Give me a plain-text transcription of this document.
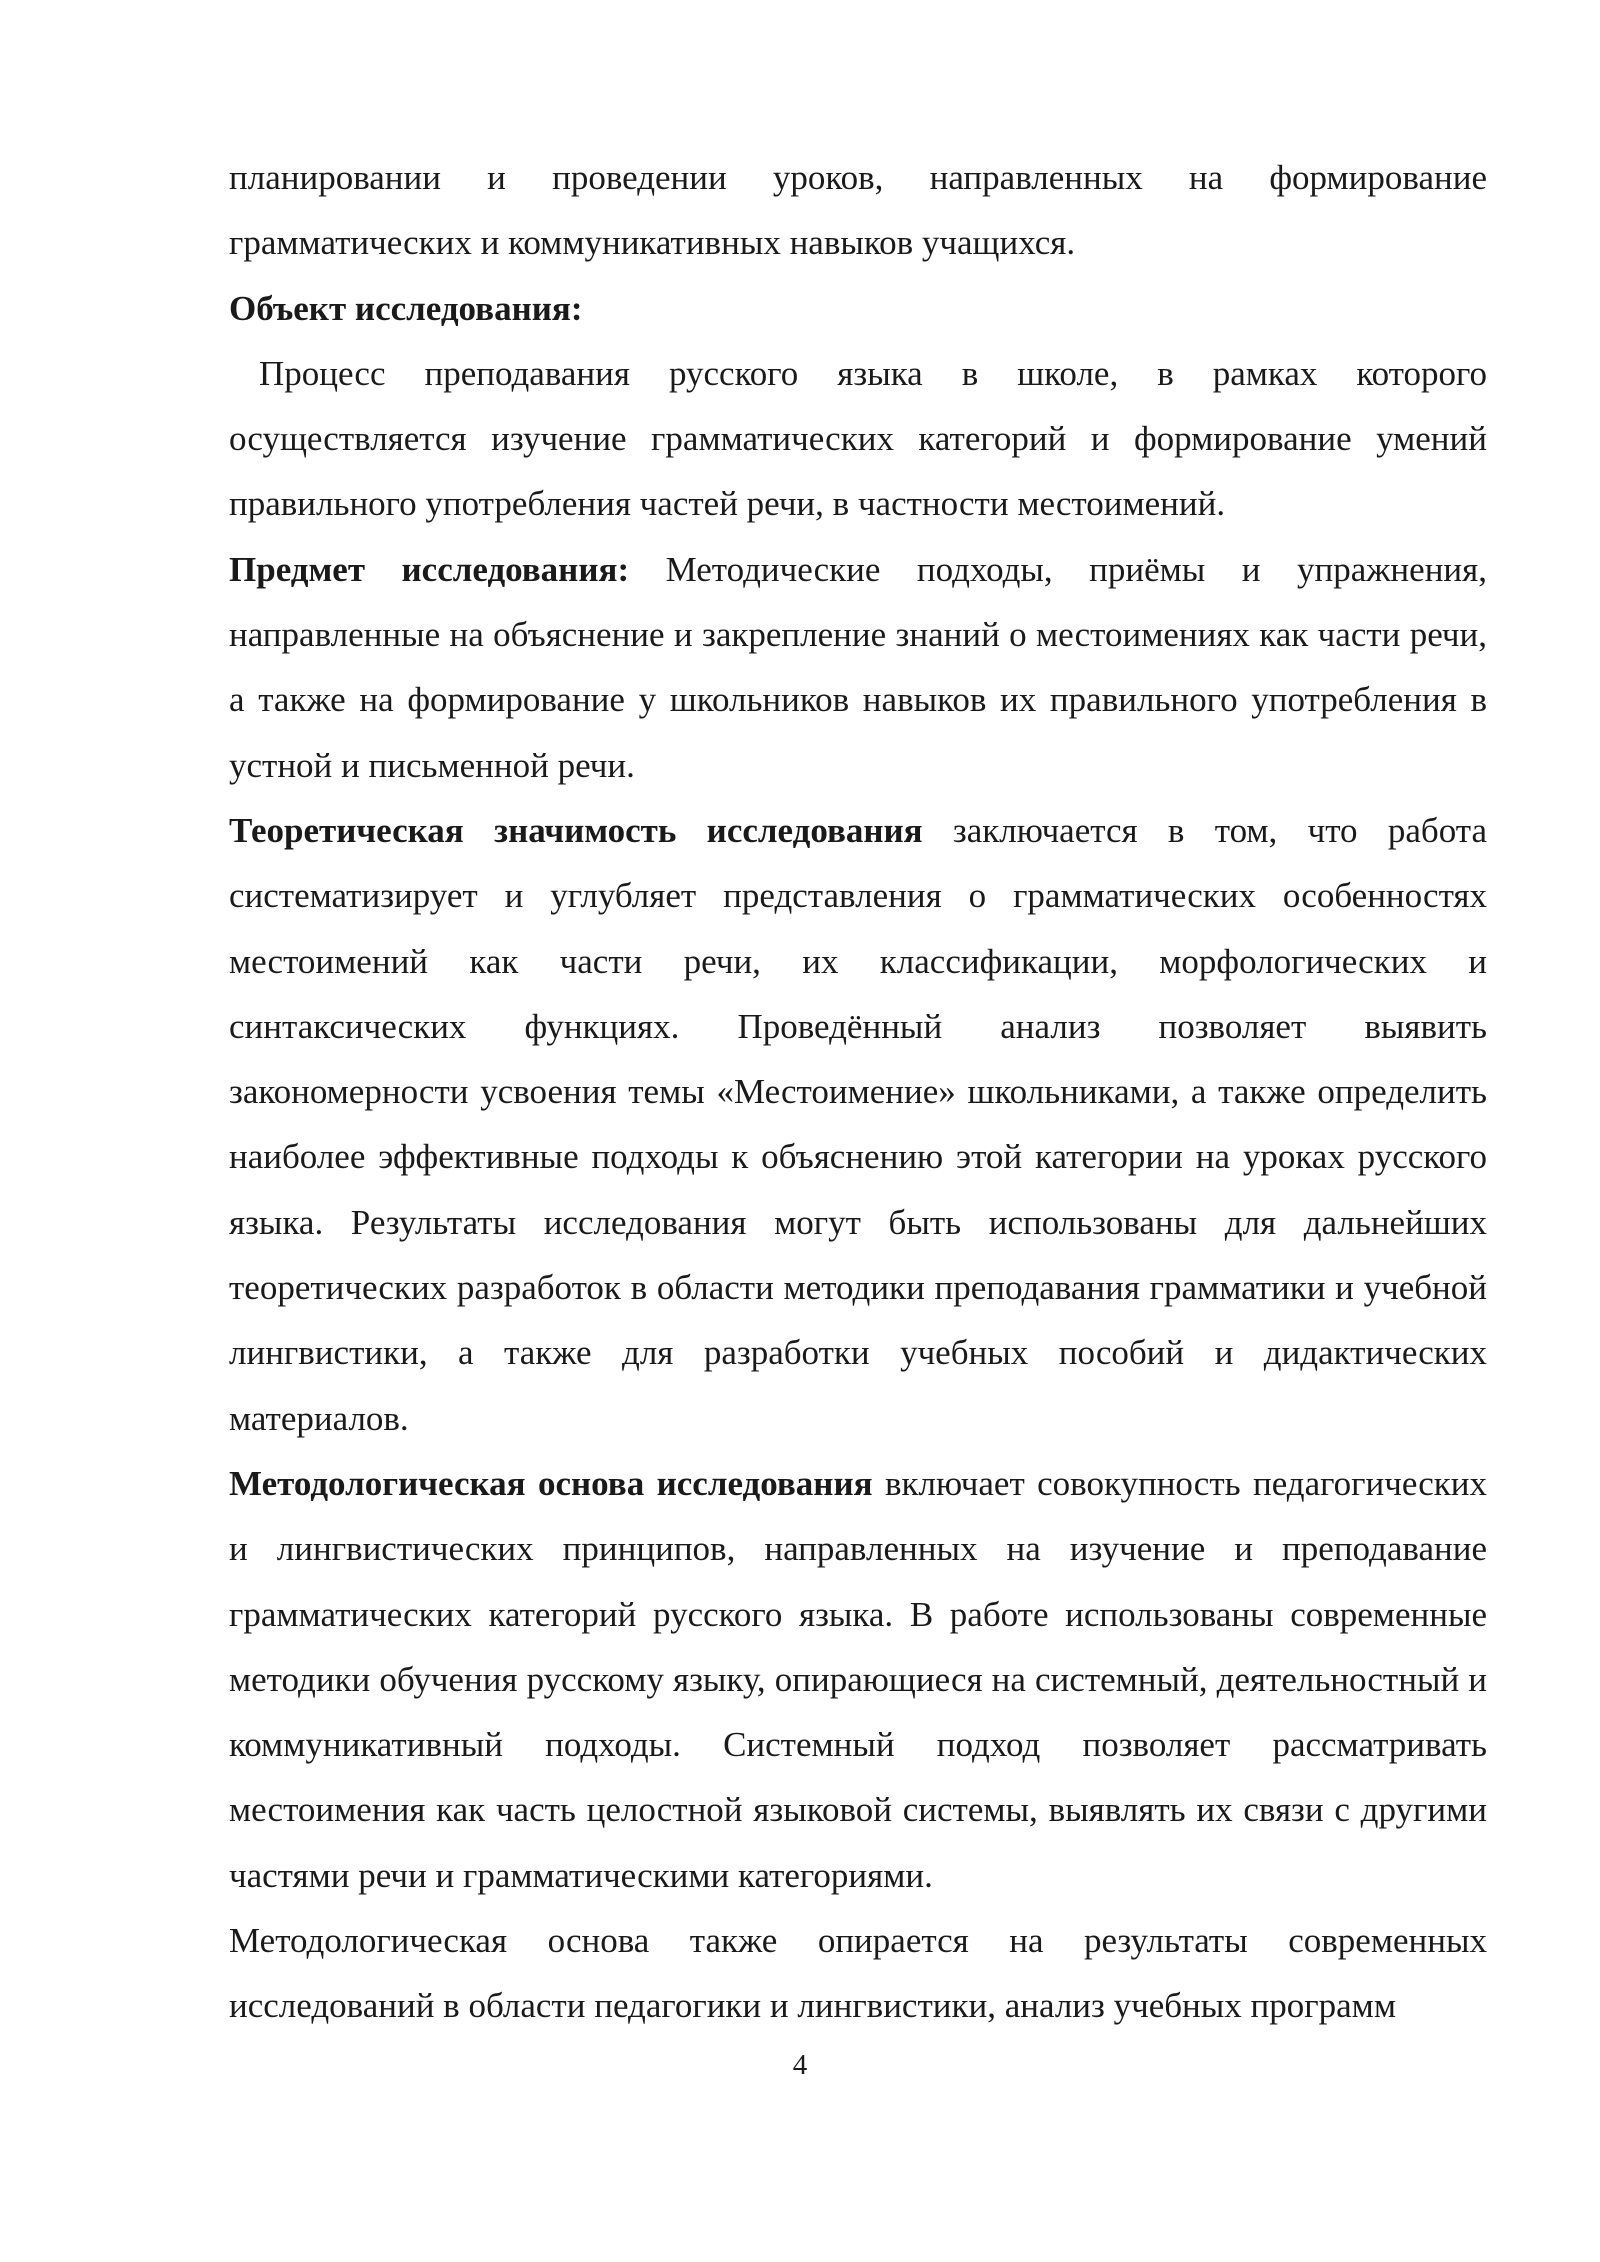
планировании и проведении уроков, направленных на формирование грамматических и коммуникативных навыков учащихся.

Объект исследования:

Процесс преподавания русского языка в школе, в рамках которого осуществляется изучение грамматических категорий и формирование умений правильного употребления частей речи, в частности местоимений.

Предмет исследования: Методические подходы, приёмы и упражнения, направленные на объяснение и закрепление знаний о местоимениях как части речи, а также на формирование у школьников навыков их правильного употребления в устной и письменной речи.

Теоретическая значимость исследования заключается в том, что работа систематизирует и углубляет представления о грамматических особенностях местоимений как части речи, их классификации, морфологических и синтаксических функциях. Проведённый анализ позволяет выявить закономерности усвоения темы «Местоимение» школьниками, а также определить наиболее эффективные подходы к объяснению этой категории на уроках русского языка. Результаты исследования могут быть использованы для дальнейших теоретических разработок в области методики преподавания грамматики и учебной лингвистики, а также для разработки учебных пособий и дидактических материалов.

Методологическая основа исследования включает совокупность педагогических и лингвистических принципов, направленных на изучение и преподавание грамматических категорий русского языка. В работе использованы современные методики обучения русскому языку, опирающиеся на системный, деятельностный и коммуникативный подходы. Системный подход позволяет рассматривать местоимения как часть целостной языковой системы, выявлять их связи с другими частями речи и грамматическими категориями.

Методологическая основа также опирается на результаты современных исследований в области педагогики и лингвистики, анализ учебных программ

4
